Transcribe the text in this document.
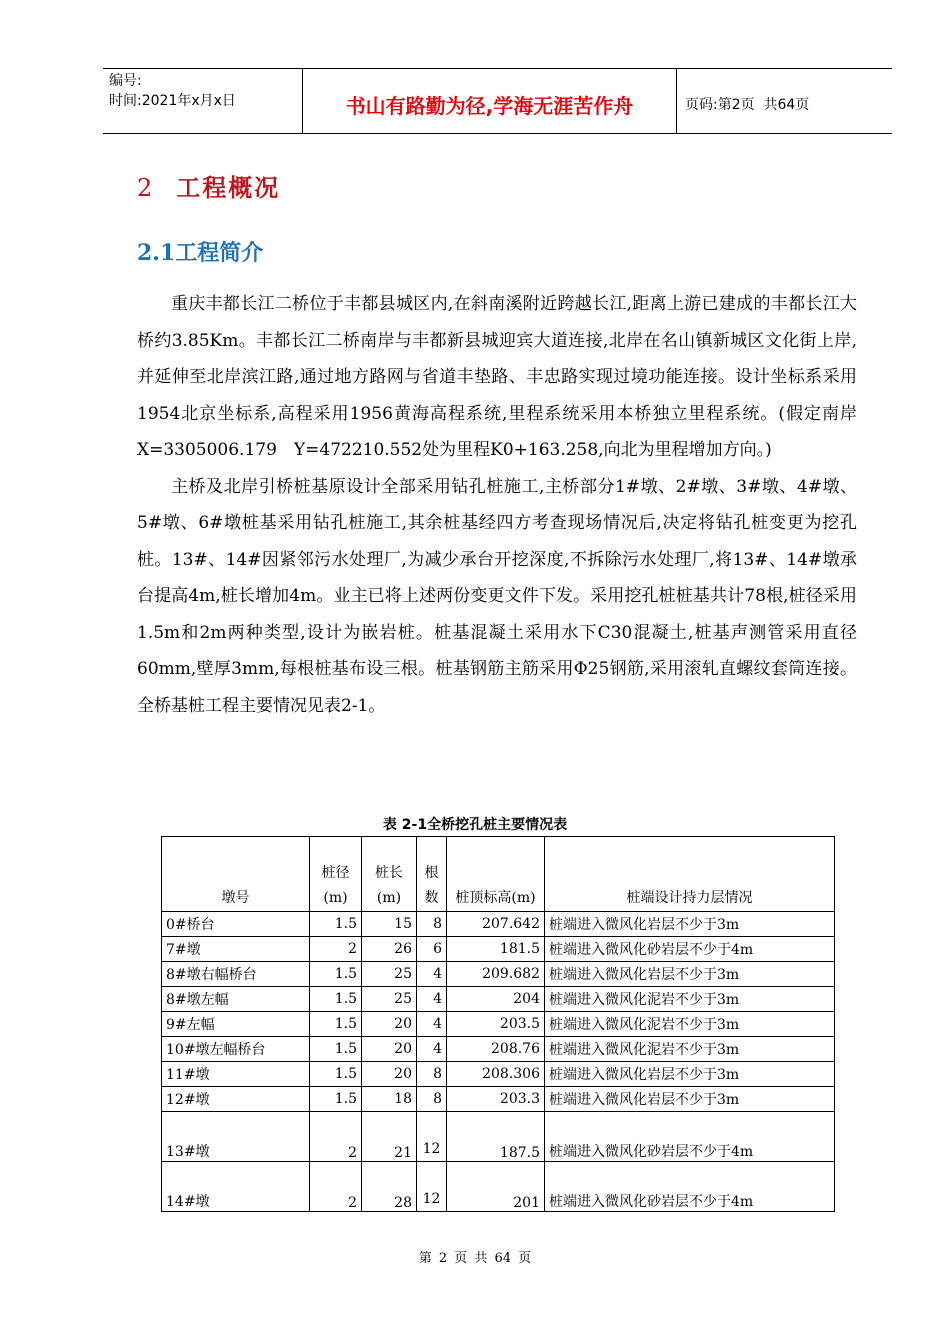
编号:
时间:2021年x月x日	书山有路勤为径,学海无涯苦作舟	页码:第2页  共64页
2 工程概况
2.1工程简介

重庆丰都长江二桥位于丰都县城区内,在斜南溪附近跨越长江,距离上游已建成的丰都长江大桥约3.85Km。丰都长江二桥南岸与丰都新县城迎宾大道连接,北岸在名山镇新城区文化街上岸,并延伸至北岸滨江路,通过地方路网与省道丰垫路、丰忠路实现过境功能连接。设计坐标系采用1954北京坐标系,高程采用1956黄海高程系统,里程系统采用本桥独立里程系统。(假定南岸X=3305006.179　Y=472210.552处为里程K0+163.258,向北为里程增加方向。)

主桥及北岸引桥桩基原设计全部采用钻孔桩施工,主桥部分1#墩、2#墩、3#墩、4#墩、5#墩、6#墩桩基采用钻孔桩施工,其余桩基经四方考查现场情况后,决定将钻孔桩变更为挖孔桩。13#、14#因紧邻污水处理厂,为减少承台开挖深度,不拆除污水处理厂,将13#、14#墩承台提高4m,桩长增加4m。业主已将上述两份变更文件下发。采用挖孔桩桩基共计78根,桩径采用1.5m和2m两种类型,设计为嵌岩桩。桩基混凝土采用水下C30混凝土,桩基声测管采用直径60mm,壁厚3mm,每根桩基布设三根。桩基钢筋主筋采用Φ25钢筋,采用滚轧直螺纹套筒连接。全桥基桩工程主要情况见表2-1。

表 2-1全桥挖孔桩主要情况表
墩号	桩径(m)	桩长(m)	根数	桩顶标高(m)	桩端设计持力层情况
0#桥台	1.5	15	8	207.642	桩端进入微风化岩层不少于3m
7#墩	2	26	6	181.5	桩端进入微风化砂岩层不少于4m
8#墩右幅桥台	1.5	25	4	209.682	桩端进入微风化岩层不少于3m
8#墩左幅	1.5	25	4	204	桩端进入微风化泥岩不少于3m
9#左幅	1.5	20	4	203.5	桩端进入微风化泥岩不少于3m
10#墩左幅桥台	1.5	20	4	208.76	桩端进入微风化泥岩不少于3m
11#墩	1.5	20	8	208.306	桩端进入微风化岩层不少于3m
12#墩	1.5	18	8	203.3	桩端进入微风化岩层不少于3m
13#墩	2	21	12	187.5	桩端进入微风化砂岩层不少于4m
14#墩	2	28	12	201	桩端进入微风化砂岩层不少于4m
第 2 页 共 64 页
